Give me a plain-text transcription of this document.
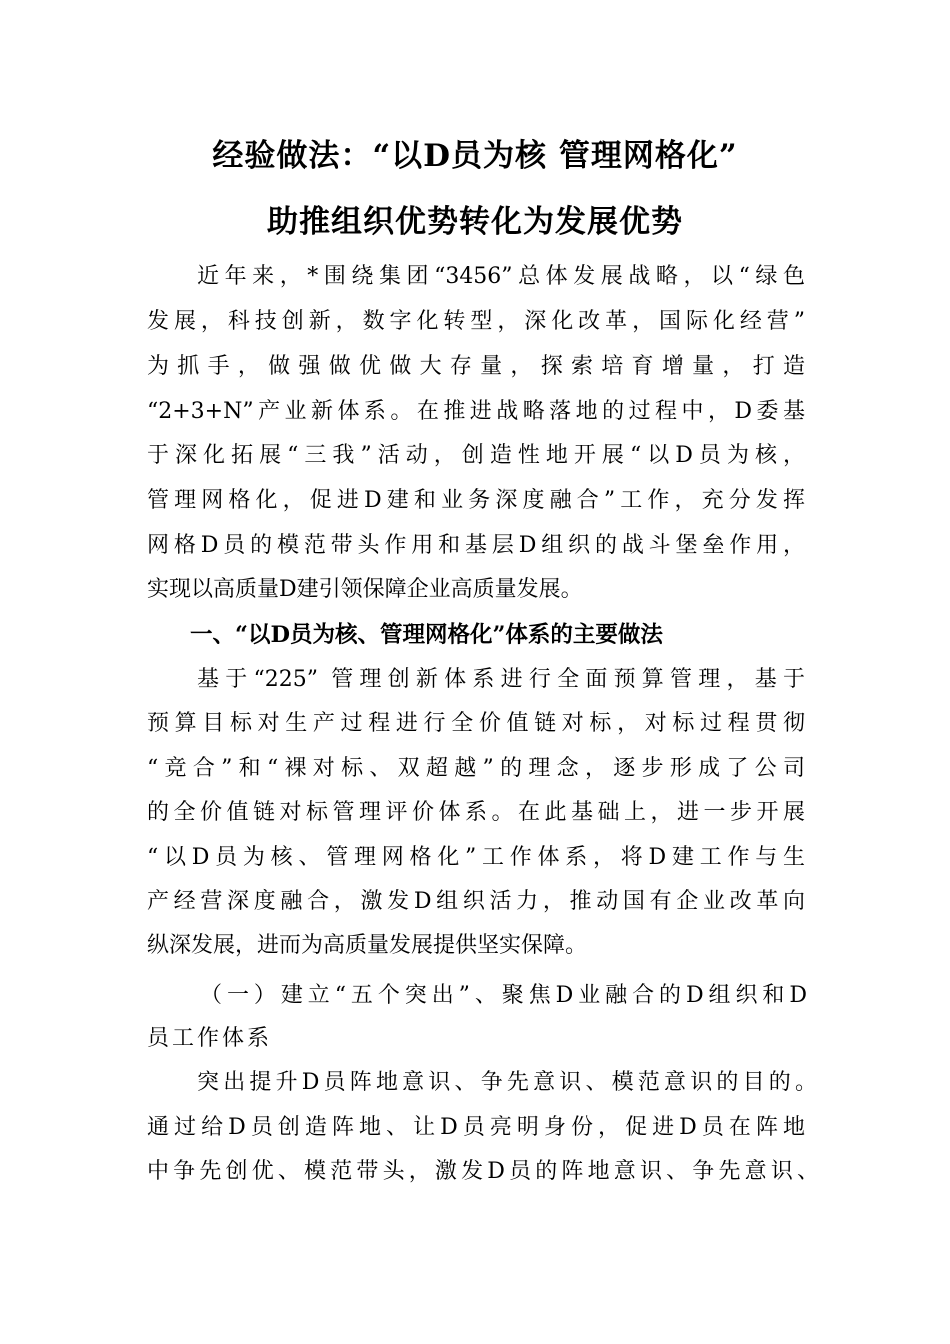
经验做法：“以D员为核 管理网格化”
助推组织优势转化为发展优势
近年来，*围绕集团“3456”总体发展战略，以“绿色
发展，科技创新，数字化转型，深化改革，国际化经营”
为抓手，做强做优做大存量，探索培育增量，打造
“2+3+N”产业新体系。在推进战略落地的过程中，D委基
于深化拓展“三我”活动，创造性地开展“以D员为核，
管理网格化，促进D建和业务深度融合”工作，充分发挥
网格D员的模范带头作用和基层D组织的战斗堡垒作用，
实现以高质量D建引领保障企业高质量发展。
一、“以D员为核、管理网格化”体系的主要做法
基于“225” 管理创新体系进行全面预算管理，基于
预算目标对生产过程进行全价值链对标，对标过程贯彻
“竞合”和“裸对标、双超越”的理念，逐步形成了公司
的全价值链对标管理评价体系。在此基础上，进一步开展
“以D员为核、管理网格化”工作体系，将D建工作与生
产经营深度融合，激发D组织活力，推动国有企业改革向
纵深发展，进而为高质量发展提供坚实保障。
（一）建立“五个突出”、聚焦D业融合的D组织和D
员工作体系
突出提升D员阵地意识、争先意识、模范意识的目的。
通过给D员创造阵地、让D员亮明身份，促进D员在阵地
中争先创优、模范带头，激发D员的阵地意识、争先意识、
